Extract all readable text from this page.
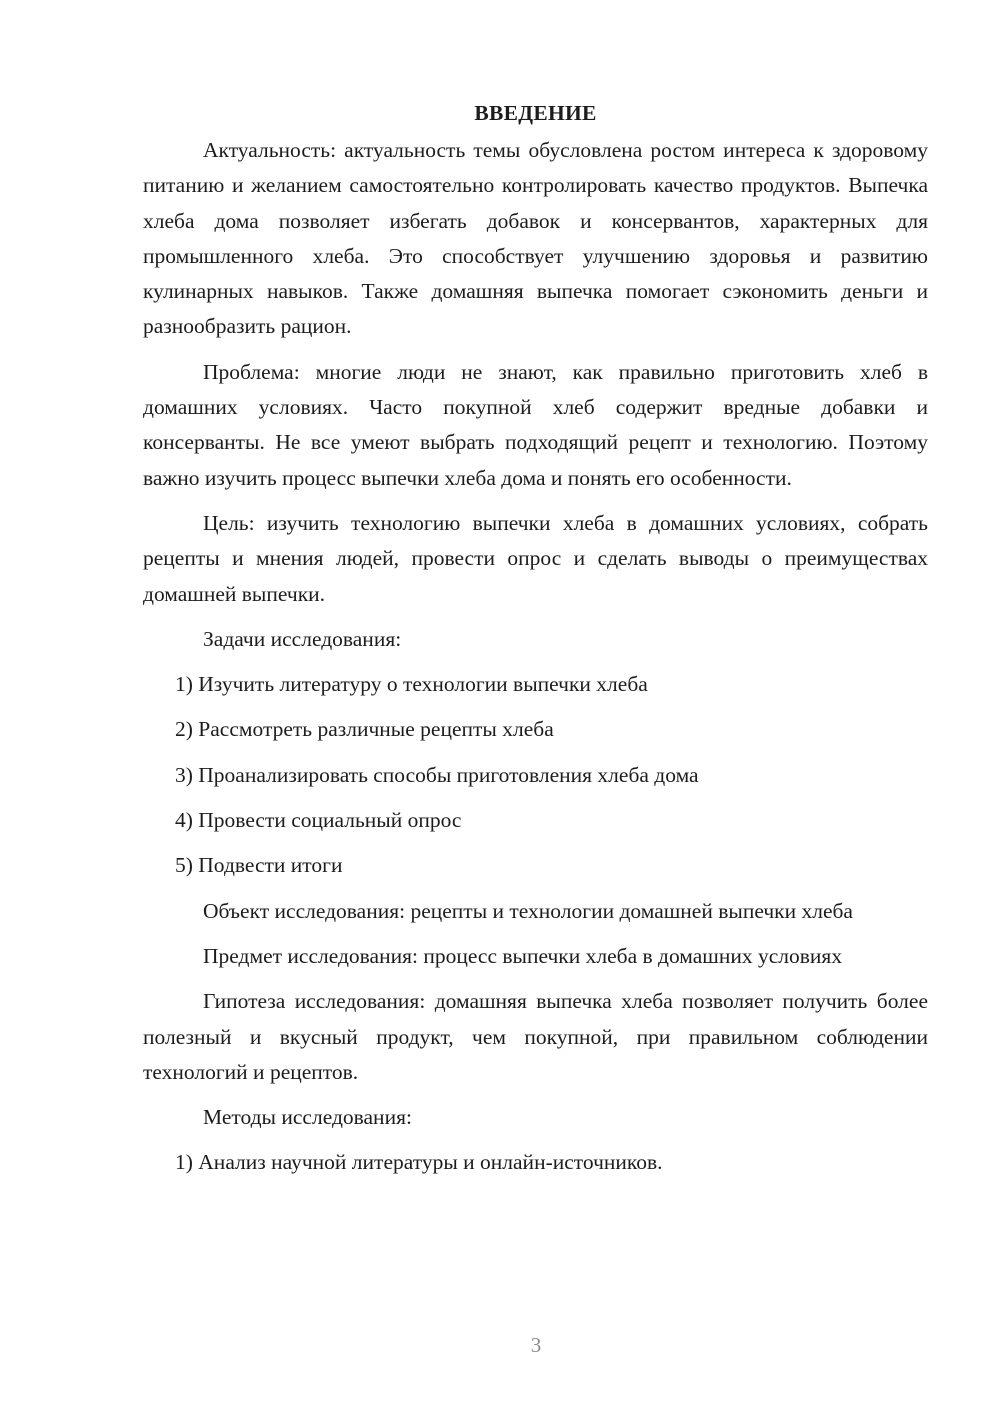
ВВЕДЕНИЕ

Актуальность: актуальность темы обусловлена ростом интереса к здоровому питанию и желанием самостоятельно контролировать качество продуктов. Выпечка хлеба дома позволяет избегать добавок и консервантов, характерных для промышленного хлеба. Это способствует улучшению здоровья и развитию кулинарных навыков. Также домашняя выпечка помогает сэкономить деньги и разнообразить рацион.

Проблема: многие люди не знают, как правильно приготовить хлеб в домашних условиях. Часто покупной хлеб содержит вредные добавки и консерванты. Не все умеют выбрать подходящий рецепт и технологию. Поэтому важно изучить процесс выпечки хлеба дома и понять его особенности.

Цель: изучить технологию выпечки хлеба в домашних условиях, собрать рецепты и мнения людей, провести опрос и сделать выводы о преимуществах домашней выпечки.

Задачи исследования:
1) Изучить литературу о технологии выпечки хлеба
2) Рассмотреть различные рецепты хлеба
3) Проанализировать способы приготовления хлеба дома
4) Провести социальный опрос
5) Подвести итоги

Объект исследования: рецепты и технологии домашней выпечки хлеба

Предмет исследования: процесс выпечки хлеба в домашних условиях

Гипотеза исследования: домашняя выпечка хлеба позволяет получить более полезный и вкусный продукт, чем покупной, при правильном соблюдении технологий и рецептов.

Методы исследования:
1) Анализ научной литературы и онлайн-источников.
3
